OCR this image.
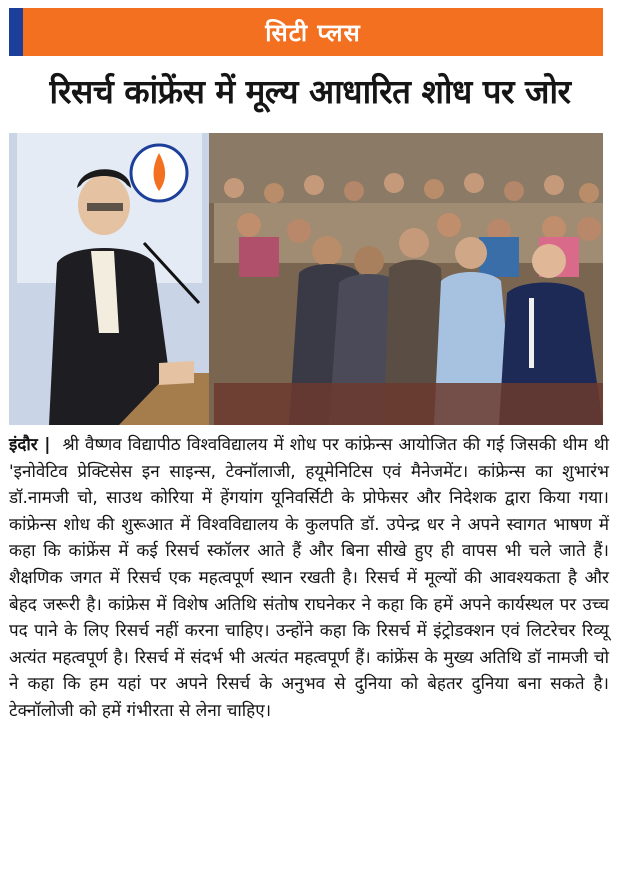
सिटी प्लस
रिसर्च कांफ्रेंस में मूल्य आधारित शोध पर जोर

इंदौर | श्री वैष्णव विद्यापीठ विश्वविद्यालय में शोध पर कांफ्रेन्स आयोजित की गई जिसकी थीम थी 'इनोवेटिव प्रेक्टिसेस इन साइन्स, टेक्नॉलाजी, हयूमेनिटिस एवं मैनेजमेंट। कांफ्रेन्स का शुभारंभ डॉ.नामजी चो, साउथ कोरिया में हेंगयांग यूनिवर्सिटी के प्रोफेसर और निदेशक द्वारा किया गया। कांफ्रेन्स शोध की शुरूआत में विश्वविद्यालय के कुलपति डॉ. उपेन्द्र धर ने अपने स्वागत भाषण में कहा कि कांफ्रेंस में कई रिसर्च स्कॉलर आते हैं और बिना सीखे हुए ही वापस भी चले जाते हैं। शैक्षणिक जगत में रिसर्च एक महत्वपूर्ण स्थान रखती है। रिसर्च में मूल्यों की आवश्यकता है और बेहद जरूरी है। कांफ्रेस में विशेष अतिथि संतोष राघनेकर ने कहा कि हमें अपने कार्यस्थल पर उच्च पद पाने के लिए रिसर्च नहीं करना चाहिए। उन्होंने कहा कि रिसर्च में इंट्रोडक्शन एवं लिटरेचर रिव्यू अत्यंत महत्वपूर्ण है। रिसर्च में संदर्भ भी अत्यंत महत्वपूर्ण हैं। कांफ्रेंस के मुख्य अतिथि डॉ नामजी चो ने कहा कि हम यहां पर अपने रिसर्च के अनुभव से दुनिया को बेहतर दुनिया बना सकते है। टेक्नॉलोजी को हमें गंभीरता से लेना चाहिए।
